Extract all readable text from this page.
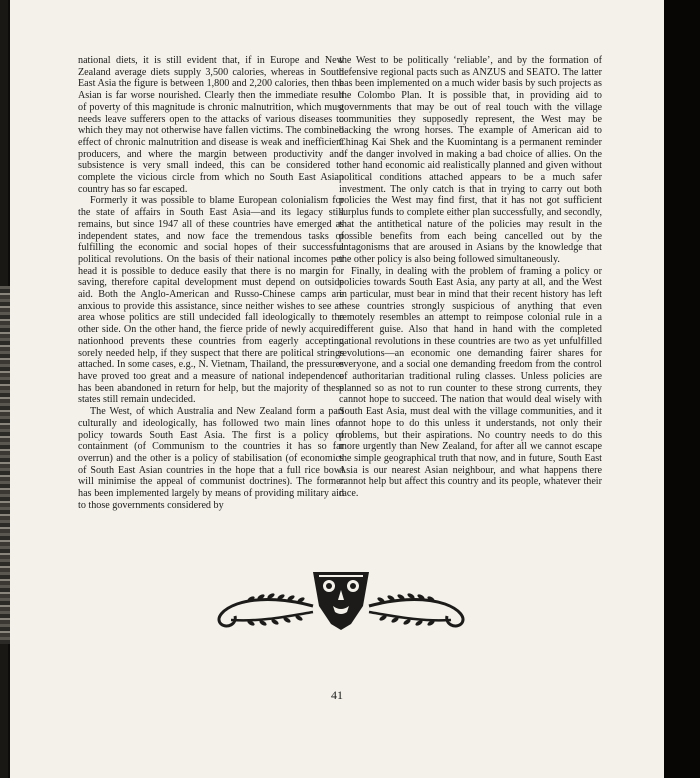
national diets, it is still evident that, if in Europe and New Zealand average diets supply 3,500 calories, whereas in South East Asia the figure is between 1,800 and 2,200 calories, then the Asian is far worse nourished. Clearly then the immediate result of poverty of this magnitude is chronic malnutrition, which must needs leave sufferers open to the attacks of various diseases to which they may not otherwise have fallen victims. The combined effect of chronic malnutrition and disease is weak and inefficient producers, and where the margin between productivity and subsistence is very small indeed, this can be considered to complete the vicious circle from which no South East Asian country has so far escaped.

Formerly it was possible to blame European colonialism for the state of affairs in South East Asia—and its legacy still remains, but since 1947 all of these countries have emerged as independent states, and now face the tremendous tasks of fulfilling the economic and social hopes of their successful political revolutions. On the basis of their national incomes per head it is possible to deduce easily that there is no margin for saving, therefore capital development must depend on outside aid. Both the Anglo-American and Russo-Chinese camps are anxious to provide this assistance, since neither wishes to see an area whose politics are still undecided fall ideologically to the other side. On the other hand, the fierce pride of newly acquired nationhood prevents these countries from eagerly accepting sorely needed help, if they suspect that there are political strings attached. In some cases, e.g., N. Vietnam, Thailand, the pressures have proved too great and a measure of national independence has been abandoned in return for help, but the majority of these states still remain undecided.

The West, of which Australia and New Zealand form a part culturally and ideologically, has followed two main lines of policy towards South East Asia. The first is a policy of containment (of Communism to the countries it has so far overrun) and the other is a policy of stabilisation (of economics of South East Asian countries in the hope that a full rice bowl will minimise the appeal of communist doctrines). The former has been implemented largely by means of providing military aid to those governments considered by

the West to be politically ‘reliable’, and by the formation of defensive regional pacts such as ANZUS and SEATO. The latter has been implemented on a much wider basis by such projects as the Colombo Plan. It is possible that, in providing aid to governments that may be out of real touch with the village communities they supposedly represent, the West may be backing the wrong horses. The example of American aid to Chinag Kai Shek and the Kuomintang is a permanent reminder of the danger involved in making a bad choice of allies. On the other hand economic aid realistically planned and given without political conditions attached appears to be a much safer investment. The only catch is that in trying to carry out both policies the West may find first, that it has not got sufficient surplus funds to complete either plan successfully, and secondly, that the antithetical nature of the policies may result in the possible benefits from each being cancelled out by the antagonisms that are aroused in Asians by the knowledge that the other policy is also being followed simultaneously.

Finally, in dealing with the problem of framing a policy or policies towards South East Asia, any party at all, and the West in particular, must bear in mind that their recent history has left these countries strongly suspicious of anything that even remotely resembles an attempt to reimpose colonial rule in a different guise. Also that hand in hand with the completed national revolutions in these countries are two as yet unfulfilled revolutions—an economic one demanding fairer shares for everyone, and a social one demanding freedom from the control of authoritarian traditional ruling classes. Unless policies are planned so as not to run counter to these strong currents, they cannot hope to succeed. The nation that would deal wisely with South East Asia, must deal with the village communities, and it cannot hope to do this unless it understands, not only their problems, but their aspirations. No country needs to do this more urgently than New Zealand, for after all we cannot escape the simple geographical truth that now, and in future, South East Asia is our nearest Asian neighbour, and what happens there cannot help but affect this country and its people, whatever their race.

41
